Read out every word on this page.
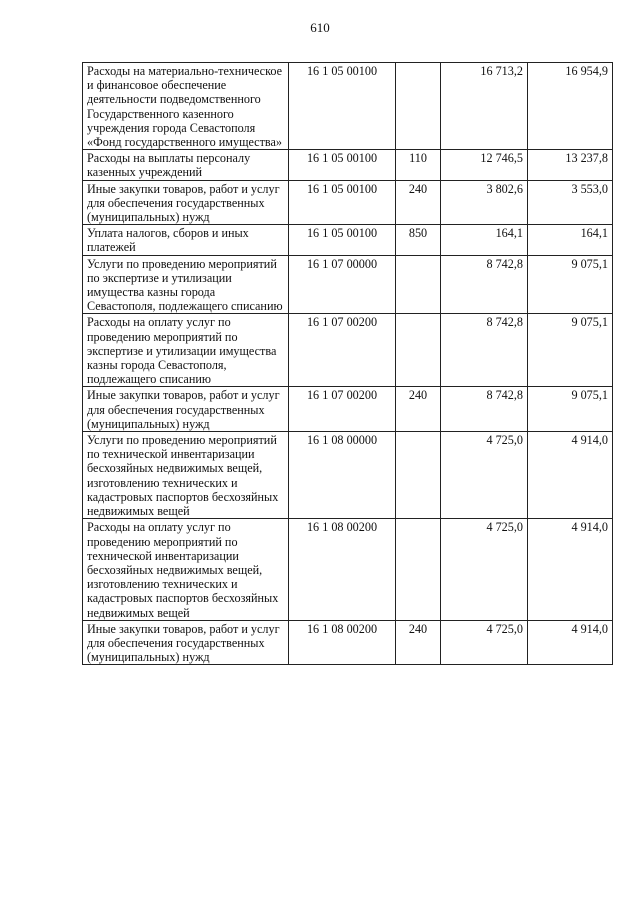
610
Расходы на материально-техническое и финансовое обеспечение деятельности подведомственного Государственного казенного учреждения города Севастополя «Фонд государственного имущества»	16 1 05 00100		16 713,2	16 954,9
Расходы на выплаты персоналу казенных учреждений	16 1 05 00100	110	12 746,5	13 237,8
Иные закупки товаров, работ и услуг для обеспечения государственных (муниципальных) нужд	16 1 05 00100	240	3 802,6	3 553,0
Уплата налогов, сборов и иных платежей	16 1 05 00100	850	164,1	164,1
Услуги по проведению мероприятий по экспертизе и утилизации имущества казны города Севастополя, подлежащего списанию	16 1 07 00000		8 742,8	9 075,1
Расходы на оплату услуг по проведению мероприятий по экспертизе и утилизации имущества казны города Севастополя, подлежащего списанию	16 1 07 00200		8 742,8	9 075,1
Иные закупки товаров, работ и услуг для обеспечения государственных (муниципальных) нужд	16 1 07 00200	240	8 742,8	9 075,1
Услуги по проведению мероприятий по технической инвентаризации бесхозяйных недвижимых вещей, изготовлению технических и кадастровых паспортов бесхозяйных недвижимых вещей	16 1 08 00000		4 725,0	4 914,0
Расходы на оплату услуг по проведению мероприятий по технической инвентаризации бесхозяйных недвижимых вещей, изготовлению технических и кадастровых паспортов бесхозяйных недвижимых вещей	16 1 08 00200		4 725,0	4 914,0
Иные закупки товаров, работ и услуг для обеспечения государственных (муниципальных) нужд	16 1 08 00200	240	4 725,0	4 914,0
